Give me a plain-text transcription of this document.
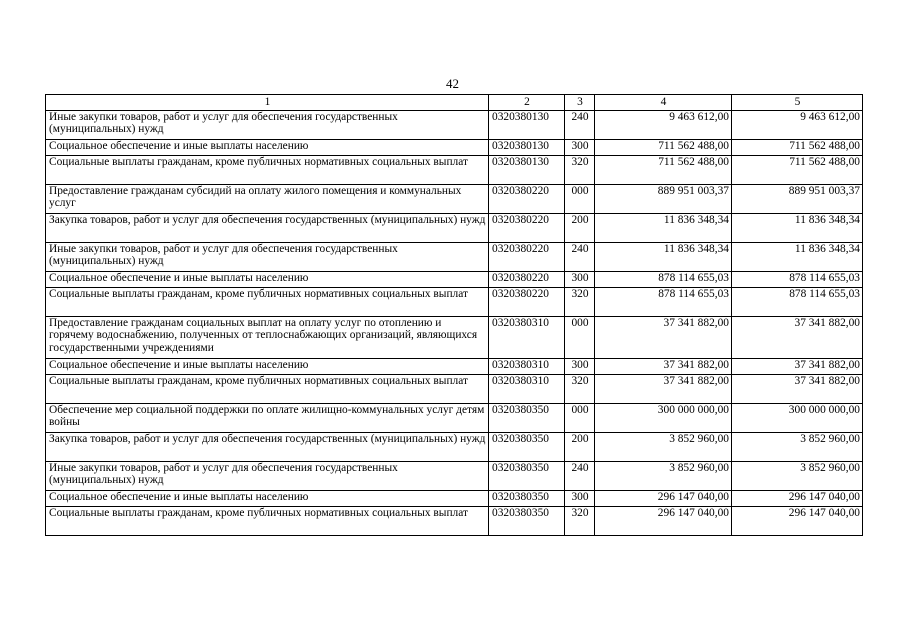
42
1	2	3	4	5
Иные закупки товаров, работ и услуг для обеспечения государственных (муниципальных) нужд	0320380130	240	9 463 612,00	9 463 612,00
Социальное обеспечение и иные выплаты населению	0320380130	300	711 562 488,00	711 562 488,00
Социальные выплаты гражданам, кроме публичных нормативных социальных выплат	0320380130	320	711 562 488,00	711 562 488,00
Предоставление гражданам субсидий на оплату жилого помещения и коммунальных услуг	0320380220	000	889 951 003,37	889 951 003,37
Закупка товаров, работ и услуг для обеспечения государственных (муниципальных) нужд	0320380220	200	11 836 348,34	11 836 348,34
Иные закупки товаров, работ и услуг для обеспечения государственных (муниципальных) нужд	0320380220	240	11 836 348,34	11 836 348,34
Социальное обеспечение и иные выплаты населению	0320380220	300	878 114 655,03	878 114 655,03
Социальные выплаты гражданам, кроме публичных нормативных социальных выплат	0320380220	320	878 114 655,03	878 114 655,03
Предоставление гражданам социальных выплат на оплату услуг по отоплению и горячему водоснабжению, полученных от теплоснабжающих организаций, являющихся государственными учреждениями	0320380310	000	37 341 882,00	37 341 882,00
Социальное обеспечение и иные выплаты населению	0320380310	300	37 341 882,00	37 341 882,00
Социальные выплаты гражданам, кроме публичных нормативных социальных выплат	0320380310	320	37 341 882,00	37 341 882,00
Обеспечение мер социальной поддержки по оплате жилищно-коммунальных услуг детям войны	0320380350	000	300 000 000,00	300 000 000,00
Закупка товаров, работ и услуг для обеспечения государственных (муниципальных) нужд	0320380350	200	3 852 960,00	3 852 960,00
Иные закупки товаров, работ и услуг для обеспечения государственных (муниципальных) нужд	0320380350	240	3 852 960,00	3 852 960,00
Социальное обеспечение и иные выплаты населению	0320380350	300	296 147 040,00	296 147 040,00
Социальные выплаты гражданам, кроме публичных нормативных социальных выплат	0320380350	320	296 147 040,00	296 147 040,00
